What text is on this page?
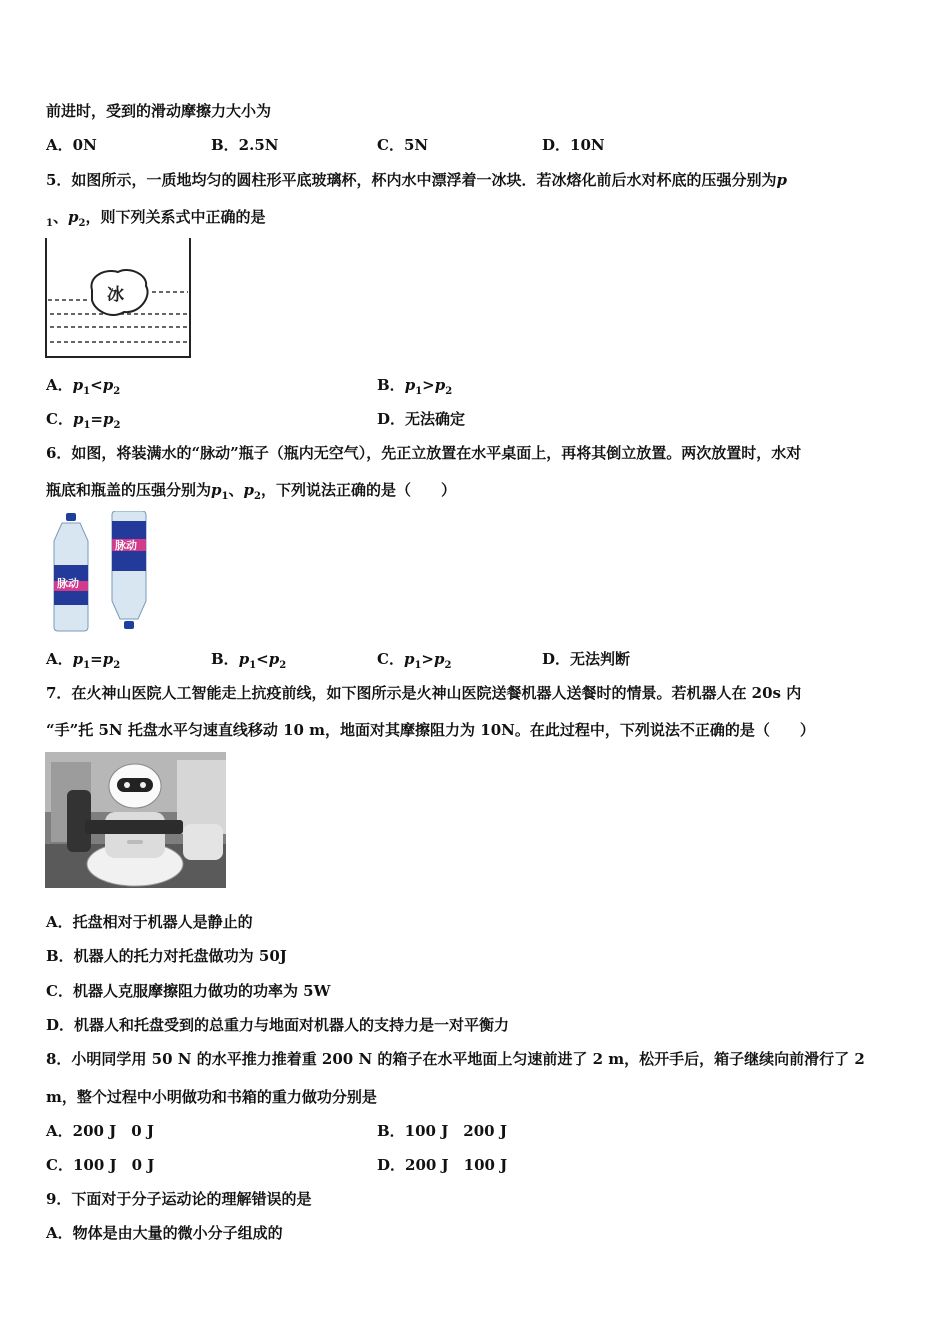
前进时，受到的滑动摩擦力大小为
A．0N	B．2.5N	C．5N	D．10N
5．如图所示，一质地均匀的圆柱形平底玻璃杯，杯内水中漂浮着一冰块．若冰熔化前后水对杯底的压强分别为p
$_1$、$p_2$，则下列关系式中正确的是
冰
A．$p_1<p_2$	B．$p_1>p_2$
C．$p_1=p_2$	D．无法确定
6．如图，将装满水的“脉动”瓶子（瓶内无空气），先正立放置在水平桌面上，再将其倒立放置。两次放置时，水对
瓶底和瓶盖的压强分别为$p_1$、$p_2$，下列说法正确的是（　　）
脉动
脉动
A．$p_1=p_2$	B．$p_1<p_2$	C．$p_1>p_2$	D．无法判断
7．在火神山医院人工智能走上抗疫前线，如下图所示是火神山医院送餐机器人送餐时的情景。若机器人在 20s 内
“手”托 5N 托盘水平匀速直线移动 10 m，地面对其摩擦阻力为 10N。在此过程中，下列说法不正确的是（　　）
A．托盘相对于机器人是静止的
B．机器人的托力对托盘做功为 50J
C．机器人克服摩擦阻力做功的功率为 5W
D．机器人和托盘受到的总重力与地面对机器人的支持力是一对平衡力
8．小明同学用 50 N 的水平推力推着重 200 N 的箱子在水平地面上匀速前进了 2 m，松开手后，箱子继续向前滑行了 2
m，整个过程中小明做功和书箱的重力做功分别是
A．200 J　0 J	B．100 J　200 J
C．100 J　0 J	D．200 J　100 J
9．下面对于分子运动论的理解错误的是
A．物体是由大量的微小分子组成的
